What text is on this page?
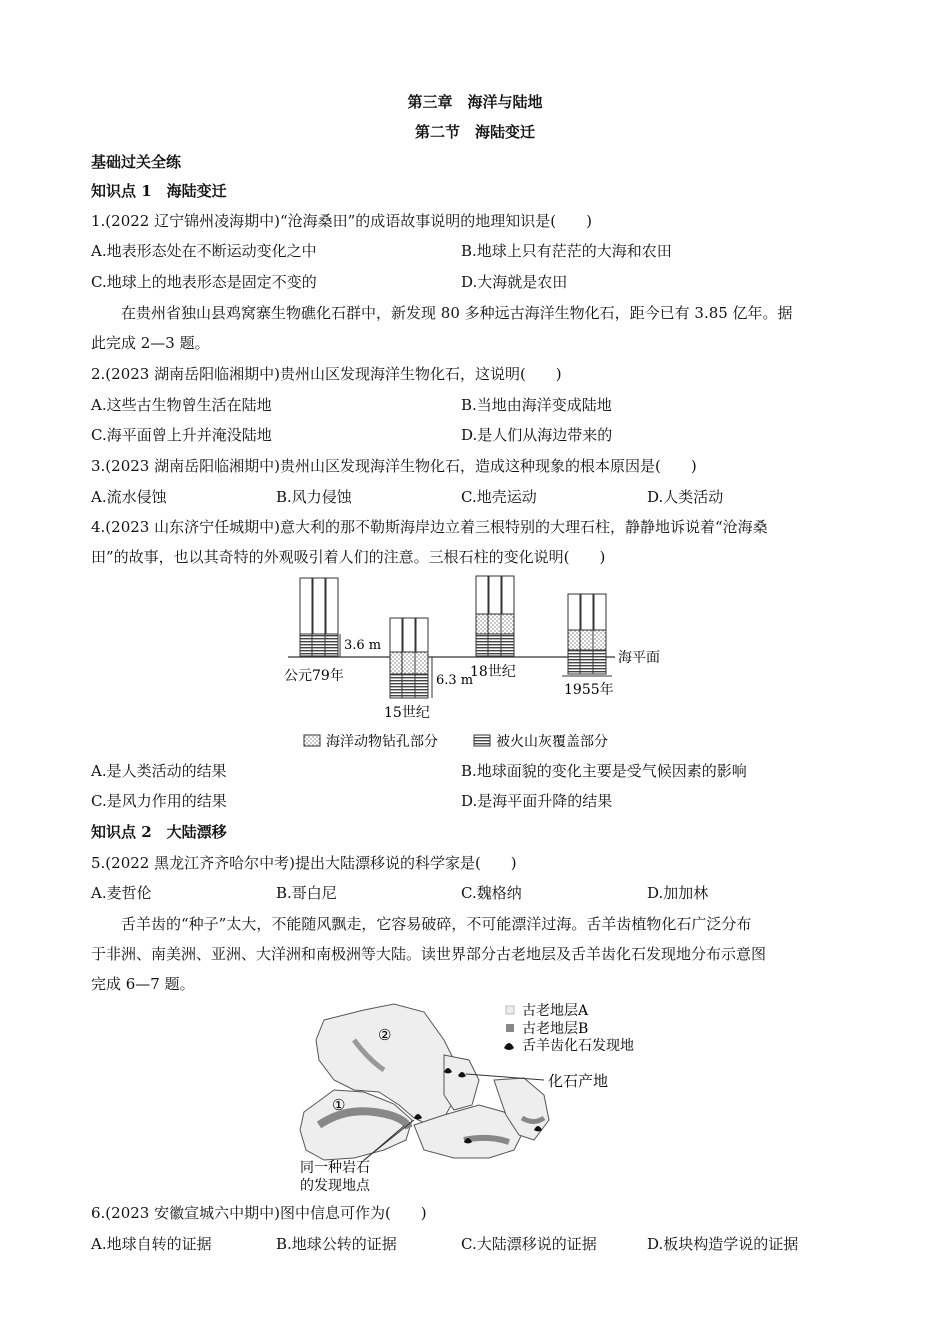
第三章　海洋与陆地
第二节　海陆变迁
基础过关全练
知识点 1　海陆变迁
1.(2022 辽宁锦州凌海期中)“沧海桑田”的成语故事说明的地理知识是(　　)
A.地表形态处在不断运动变化之中	B.地球上只有茫茫的大海和农田
C.地球上的地表形态是固定不变的	D.大海就是农田
在贵州省独山县鸡窝寨生物礁化石群中，新发现 80 多种远古海洋生物化石，距今已有 3.85 亿年。据
此完成 2—3 题。
2.(2023 湖南岳阳临湘期中)贵州山区发现海洋生物化石，这说明(　　)
A.这些古生物曾生活在陆地	B.当地由海洋变成陆地
C.海平面曾上升并淹没陆地	D.是人们从海边带来的
3.(2023 湖南岳阳临湘期中)贵州山区发现海洋生物化石，造成这种现象的根本原因是(　　)
A.流水侵蚀	B.风力侵蚀	C.地壳运动	D.人类活动
4.(2023 山东济宁任城期中)意大利的那不勒斯海岸边立着三根特别的大理石柱，静静地诉说着“沧海桑
田”的故事，也以其奇特的外观吸引着人们的注意。三根石柱的变化说明(　　)
3.6 m
公元79年	6.3 m
15世纪
18世纪
1955年
海平面
海洋动物钻孔部分	被火山灰覆盖部分
A.是人类活动的结果	B.地球面貌的变化主要是受气候因素的影响
C.是风力作用的结果	D.是海平面升降的结果
知识点 2　大陆漂移
5.(2022 黑龙江齐齐哈尔中考)提出大陆漂移说的科学家是(　　)
A.麦哲伦	B.哥白尼	C.魏格纳	D.加加林
舌羊齿的“种子”太大，不能随风飘走，它容易破碎，不可能漂洋过海。舌羊齿植物化石广泛分布
于非洲、南美洲、亚洲、大洋洲和南极洲等大陆。读世界部分古老地层及舌羊齿化石发现地分布示意图
完成 6—7 题。
①
②
古老地层A
古老地层B
舌羊齿化石发现地
化石产地
同一种岩石
的发现地点
6.(2023 安徽宣城六中期中)图中信息可作为(　　)
A.地球自转的证据	B.地球公转的证据	C.大陆漂移说的证据	D.板块构造学说的证据
